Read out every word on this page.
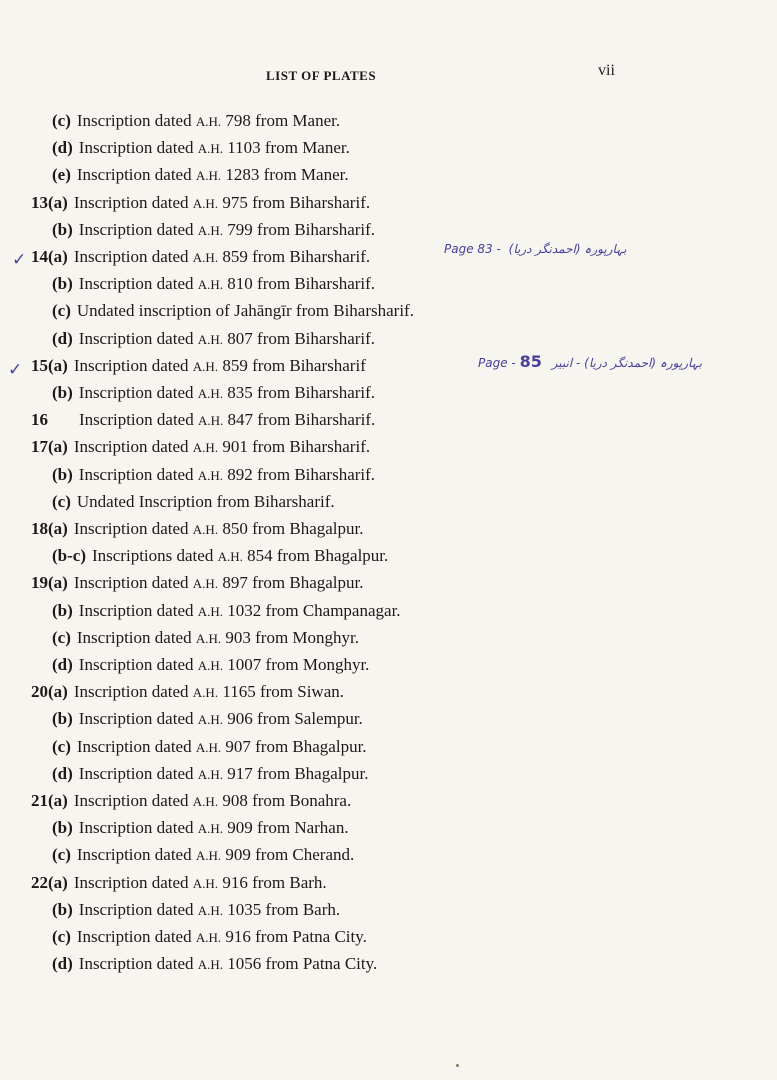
LIST OF PLATES	vii
(c) Inscription dated A.H. 798 from Maner.
(d) Inscription dated A.H. 1103 from Maner.
(e) Inscription dated A.H. 1283 from Maner.
13(a) Inscription dated A.H. 975 from Biharsharif.
(b) Inscription dated A.H. 799 from Biharsharif.
14(a) Inscription dated A.H. 859 from Biharsharif.
(b) Inscription dated A.H. 810 from Biharsharif.
(c) Undated inscription of Jahāngīr from Biharsharif.
(d) Inscription dated A.H. 807 from Biharsharif.
15(a) Inscription dated A.H. 859 from Biharsharif
(b) Inscription dated A.H. 835 from Biharsharif.
16 Inscription dated A.H. 847 from Biharsharif.
17(a) Inscription dated A.H. 901 from Biharsharif.
(b) Inscription dated A.H. 892 from Biharsharif.
(c) Undated Inscription from Biharsharif.
18(a) Inscription dated A.H. 850 from Bhagalpur.
(b-c) Inscriptions dated A.H. 854 from Bhagalpur.
19(a) Inscription dated A.H. 897 from Bhagalpur.
(b) Inscription dated A.H. 1032 from Champanagar.
(c) Inscription dated A.H. 903 from Monghyr.
(d) Inscription dated A.H. 1007 from Monghyr.
20(a) Inscription dated A.H. 1165 from Siwan.
(b) Inscription dated A.H. 906 from Salempur.
(c) Inscription dated A.H. 907 from Bhagalpur.
(d) Inscription dated A.H. 917 from Bhagalpur.
21(a) Inscription dated A.H. 908 from Bonahra.
(b) Inscription dated A.H. 909 from Narhan.
(c) Inscription dated A.H. 909 from Cherand.
22(a) Inscription dated A.H. 916 from Barh.
(b) Inscription dated A.H. 1035 from Barh.
(c) Inscription dated A.H. 916 from Patna City.
(d) Inscription dated A.H. 1056 from Patna City.
✓
Page 83 - بہارپورہ (احمدنگر دریا)
✓	Page - 85 بہارپورہ (احمدنگر دریا) - انبیر
